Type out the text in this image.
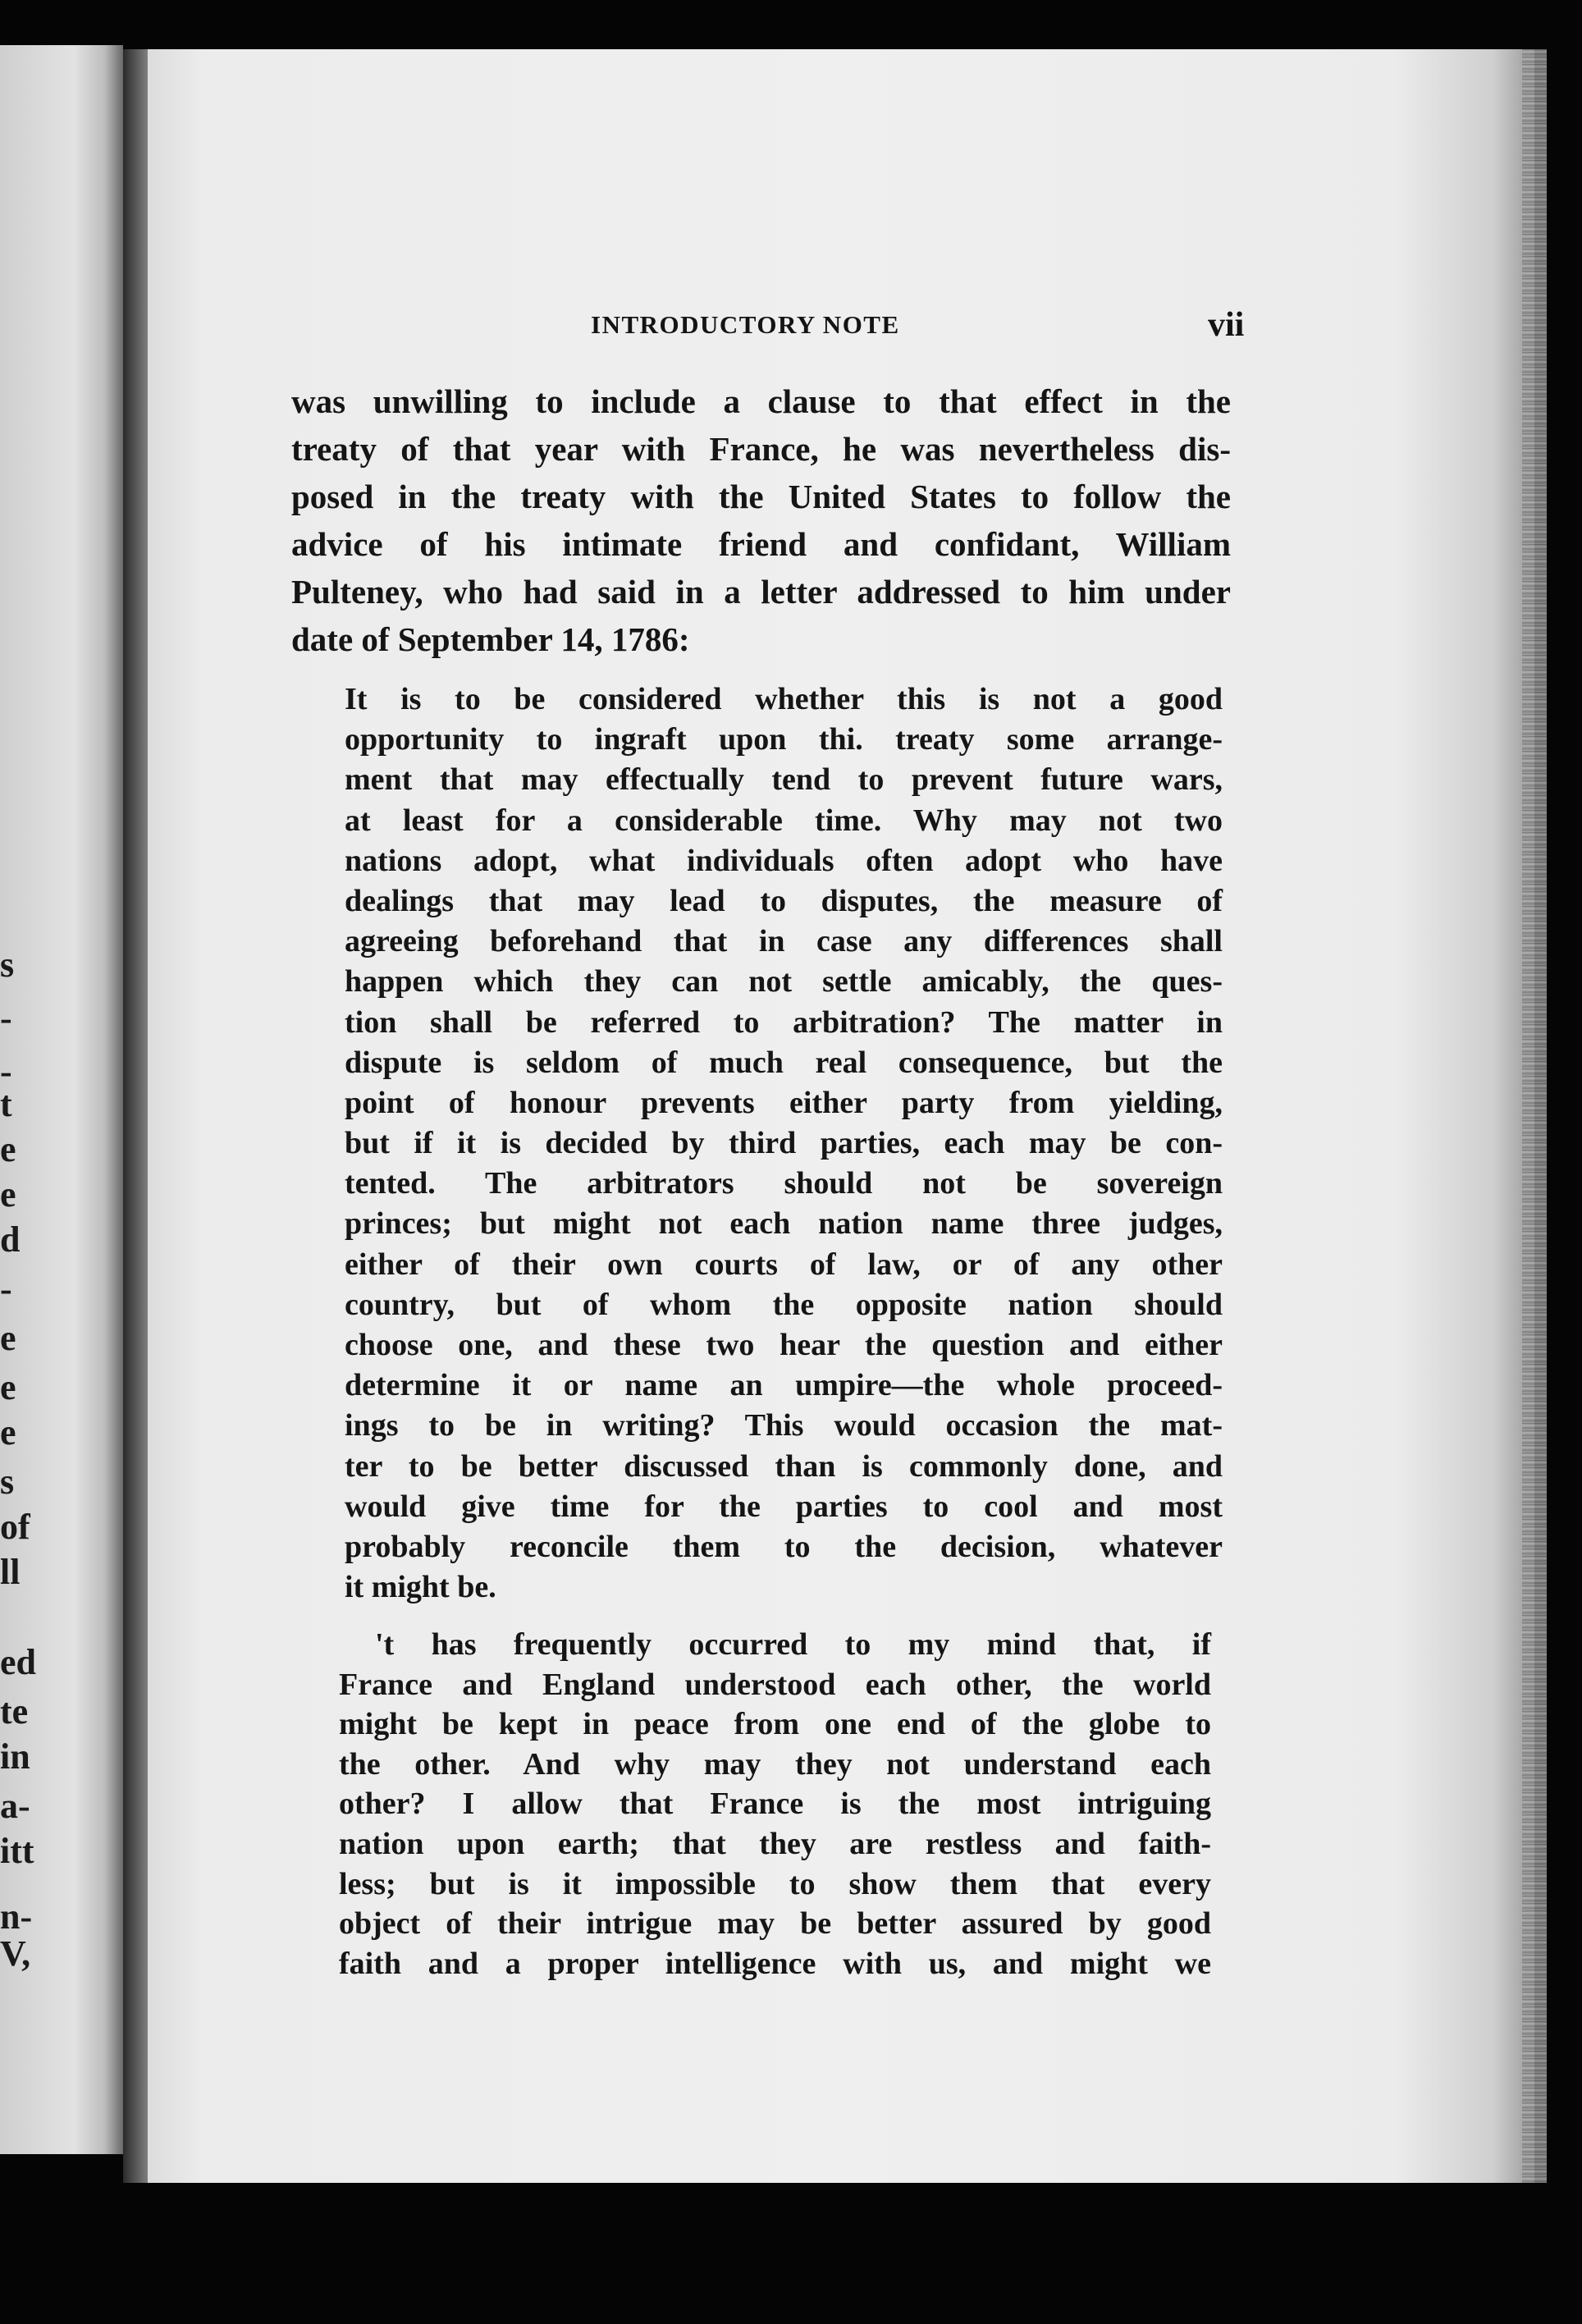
s
-
-
t
e
e
d
-
e
e
e
s
of
ll
ed
te
in
a-
itt
n-
V,
INTRODUCTORY NOTE	vii
was unwilling to include a clause to that effect in the
treaty of that year with France, he was nevertheless dis-
posed in the treaty with the United States to follow the
advice of his intimate friend and confidant, William
Pulteney, who had said in a letter addressed to him under
date of September 14, 1786:
It is to be considered whether this is not a good
opportunity to ingraft upon thi. treaty some arrange-
ment that may effectually tend to prevent future wars,
at least for a considerable time. Why may not two
nations adopt, what individuals often adopt who have
dealings that may lead to disputes, the measure of
agreeing beforehand that in case any differences shall
happen which they can not settle amicably, the ques-
tion shall be referred to arbitration? The matter in
dispute is seldom of much real consequence, but the
point of honour prevents either party from yielding,
but if it is decided by third parties, each may be con-
tented. The arbitrators should not be sovereign
princes; but might not each nation name three judges,
either of their own courts of law, or of any other
country, but of whom the opposite nation should
choose one, and these two hear the question and either
determine it or name an umpire—the whole proceed-
ings to be in writing? This would occasion the mat-
ter to be better discussed than is commonly done, and
would give time for the parties to cool and most
probably reconcile them to the decision, whatever
it might be.
't has frequently occurred to my mind that, if
France and England understood each other, the world
might be kept in peace from one end of the globe to
the other. And why may they not understand each
other? I allow that France is the most intriguing
nation upon earth; that they are restless and faith-
less; but is it impossible to show them that every
object of their intrigue may be better assured by good
faith and a proper intelligence with us, and might we
